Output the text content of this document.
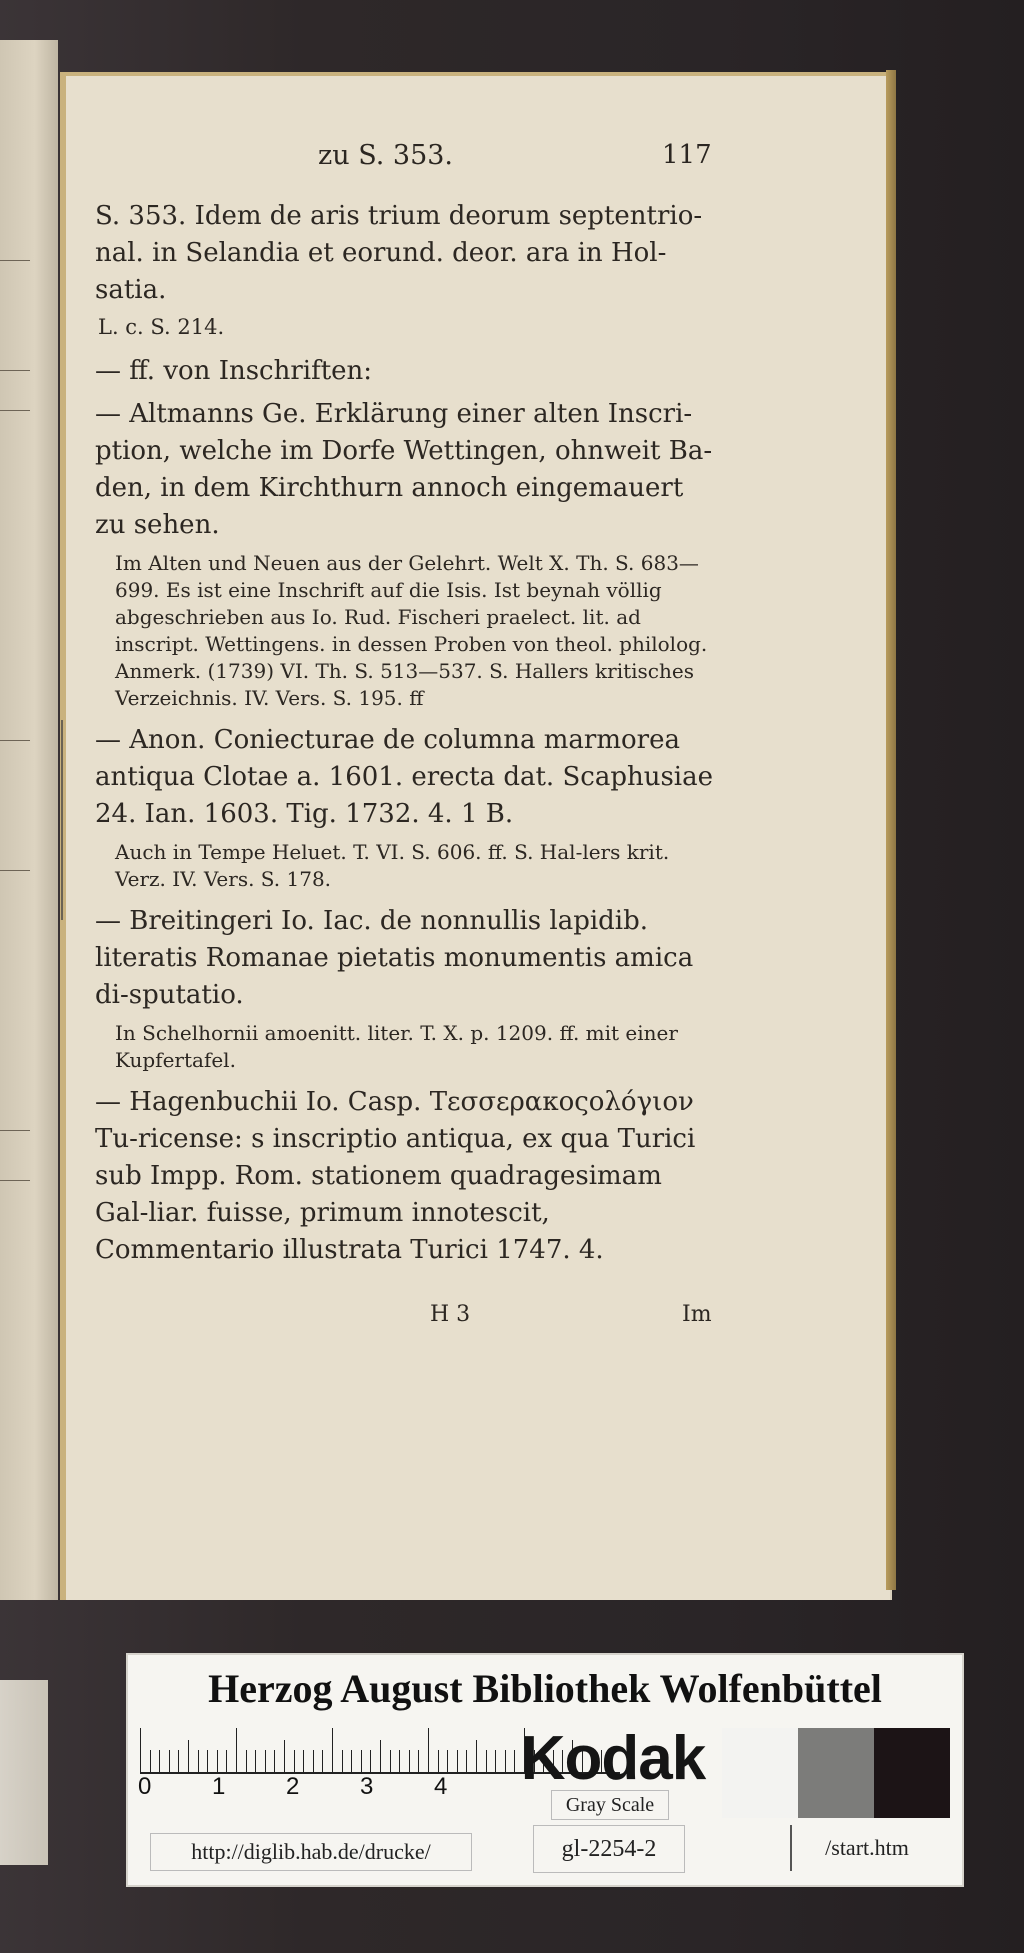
zu S. 353.	117

S. 353. Idem de aris trium deorum septentrio-nal. in Selandia et eorund. deor. ara in Hol-satia.

L. c. S. 214.

— ff. von Inschriften:

— Altmanns Ge. Erklärung einer alten Inscri-ption, welche im Dorfe Wettingen, ohnweit Ba-den, in dem Kirchthurn annoch eingemauert zu sehen.

Im Alten und Neuen aus der Gelehrt. Welt X. Th. S. 683—699. Es ist eine Inschrift auf die Isis. Ist beynah völlig abgeschrieben aus Io. Rud. Fischeri praelect. lit. ad inscript. Wettingens. in dessen Proben von theol. philolog. Anmerk. (1739) VI. Th. S. 513—537. S. Hallers kritisches Verzeichnis. IV. Vers. S. 195. ff

— Anon. Coniecturae de columna marmorea antiqua Clotae a. 1601. erecta dat. Scaphusiae 24. Ian. 1603. Tig. 1732. 4. 1 B.

Auch in Tempe Heluet. T. VI. S. 606. ff. S. Hal-lers krit. Verz. IV. Vers. S. 178.

— Breitingeri Io. Iac. de nonnullis lapidib. literatis Romanae pietatis monumentis amica di-sputatio.

In Schelhornii amoenitt. liter. T. X. p. 1209. ff. mit einer Kupfertafel.

— Hagenbuchii Io. Casp. Τεσσερακοςολόγιον Tu-ricense: s inscriptio antiqua, ex qua Turici sub Impp. Rom. stationem quadragesimam Gal-liar. fuisse, primum innotescit, Commentario illustrata Turici 1747. 4.

H 3	Im
Herzog August Bibliothek Wolfenbüttel
0	1	2	3	4 Kodak
Gray Scale
http://diglib.hab.de/drucke/	gl-2254-2	/start.htm
